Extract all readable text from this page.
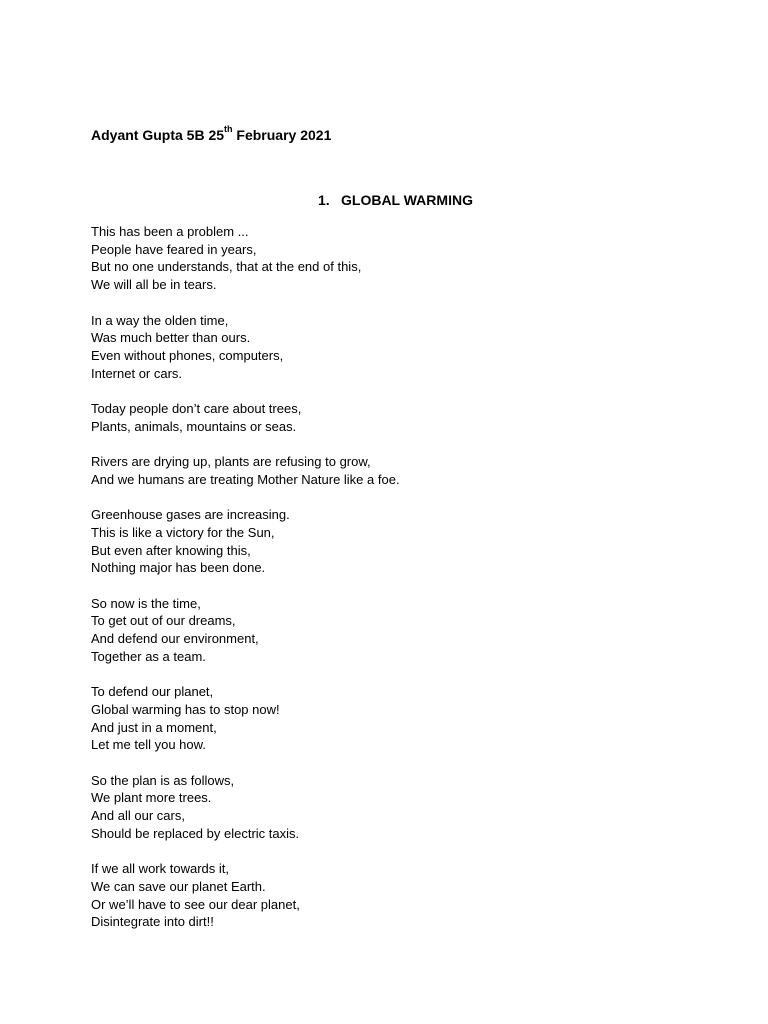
Adyant Gupta 5B 25th February 2021
1. GLOBAL WARMING
This has been a problem ...
People have feared in years,
But no one understands, that at the end of this,
We will all be in tears.
In a way the olden time,
Was much better than ours.
Even without phones, computers,
Internet or cars.
Today people don’t care about trees,
Plants, animals, mountains or seas.
Rivers are drying up, plants are refusing to grow,
And we humans are treating Mother Nature like a foe.
Greenhouse gases are increasing.
This is like a victory for the Sun,
But even after knowing this,
Nothing major has been done.
So now is the time,
To get out of our dreams,
And defend our environment,
Together as a team.
To defend our planet,
Global warming has to stop now!
And just in a moment,
Let me tell you how.
So the plan is as follows,
We plant more trees.
And all our cars,
Should be replaced by electric taxis.
If we all work towards it,
We can save our planet Earth.
Or we’ll have to see our dear planet,
Disintegrate into dirt!!
